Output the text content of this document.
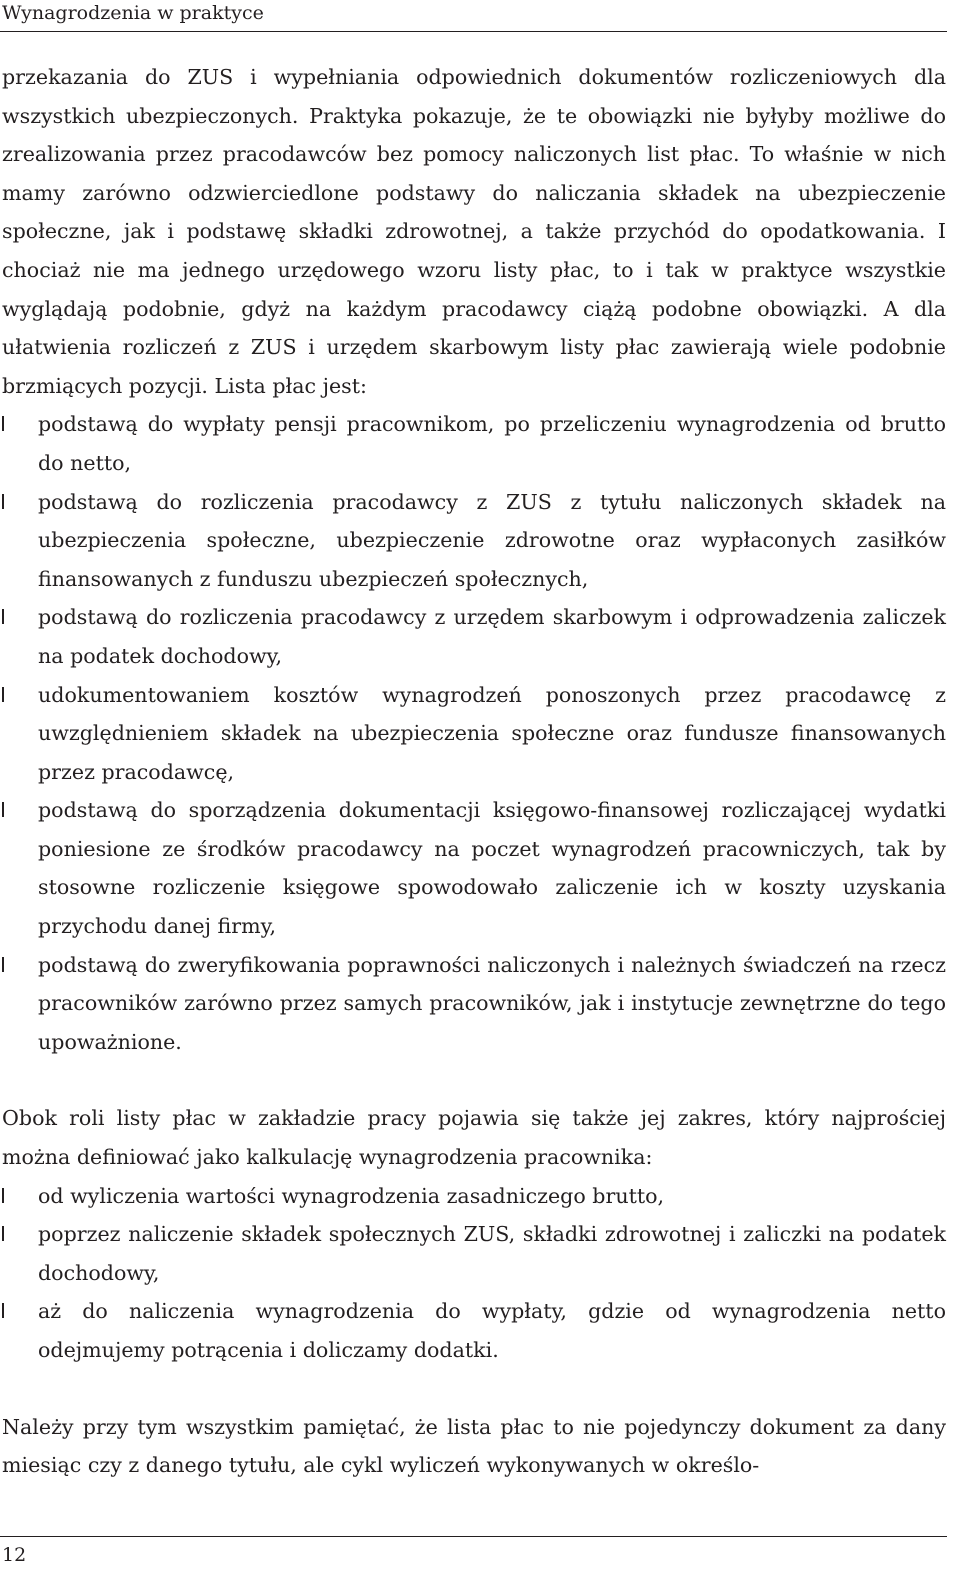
Wynagrodzenia w praktyce

przekazania do ZUS i wypełniania odpowiednich dokumentów rozliczeniowych dla wszystkich ubezpieczonych. Praktyka pokazuje, że te obowiązki nie byłyby możliwe do zrealizowania przez pracodawców bez pomocy naliczonych list płac. To właśnie w nich mamy zarówno odzwierciedlone podstawy do naliczania składek na ubezpieczenie społeczne, jak i podstawę składki zdrowotnej, a także przychód do opodatkowania. I chociaż nie ma jednego urzędowego wzoru listy płac, to i tak w praktyce wszystkie wyglądają podobnie, gdyż na każdym pracodawcy ciążą podobne obowiązki. A dla ułatwienia rozliczeń z ZUS i urzędem skarbowym listy płac zawierają wiele podobnie brzmiących pozycji. Lista płac jest:

podstawą do wypłaty pensji pracownikom, po przeliczeniu wynagrodzenia od brutto do netto,
podstawą do rozliczenia pracodawcy z ZUS z tytułu naliczonych składek na ubezpieczenia społeczne, ubezpieczenie zdrowotne oraz wypłaconych zasiłków finansowanych z funduszu ubezpieczeń społecznych,
podstawą do rozliczenia pracodawcy z urzędem skarbowym i odprowadzenia zaliczek na podatek dochodowy,
udokumentowaniem kosztów wynagrodzeń ponoszonych przez pracodawcę z uwzględnieniem składek na ubezpieczenia społeczne oraz fundusze finansowanych przez pracodawcę,
podstawą do sporządzenia dokumentacji księgowo-finansowej rozliczającej wydatki poniesione ze środków pracodawcy na poczet wynagrodzeń pracowniczych, tak by stosowne rozliczenie księgowe spowodowało zaliczenie ich w koszty uzyskania przychodu danej firmy,
podstawą do zweryfikowania poprawności naliczonych i należnych świadczeń na rzecz pracowników zarówno przez samych pracowników, jak i instytucje zewnętrzne do tego upoważnione.

Obok roli listy płac w zakładzie pracy pojawia się także jej zakres, który najprościej można definiować jako kalkulację wynagrodzenia pracownika:

od wyliczenia wartości wynagrodzenia zasadniczego brutto,
poprzez naliczenie składek społecznych ZUS, składki zdrowotnej i zaliczki na podatek dochodowy,
aż do naliczenia wynagrodzenia do wypłaty, gdzie od wynagrodzenia netto odejmujemy potrącenia i doliczamy dodatki.

Należy przy tym wszystkim pamiętać, że lista płac to nie pojedynczy dokument za dany miesiąc czy z danego tytułu, ale cykl wyliczeń wykonywanych w określo-

12
